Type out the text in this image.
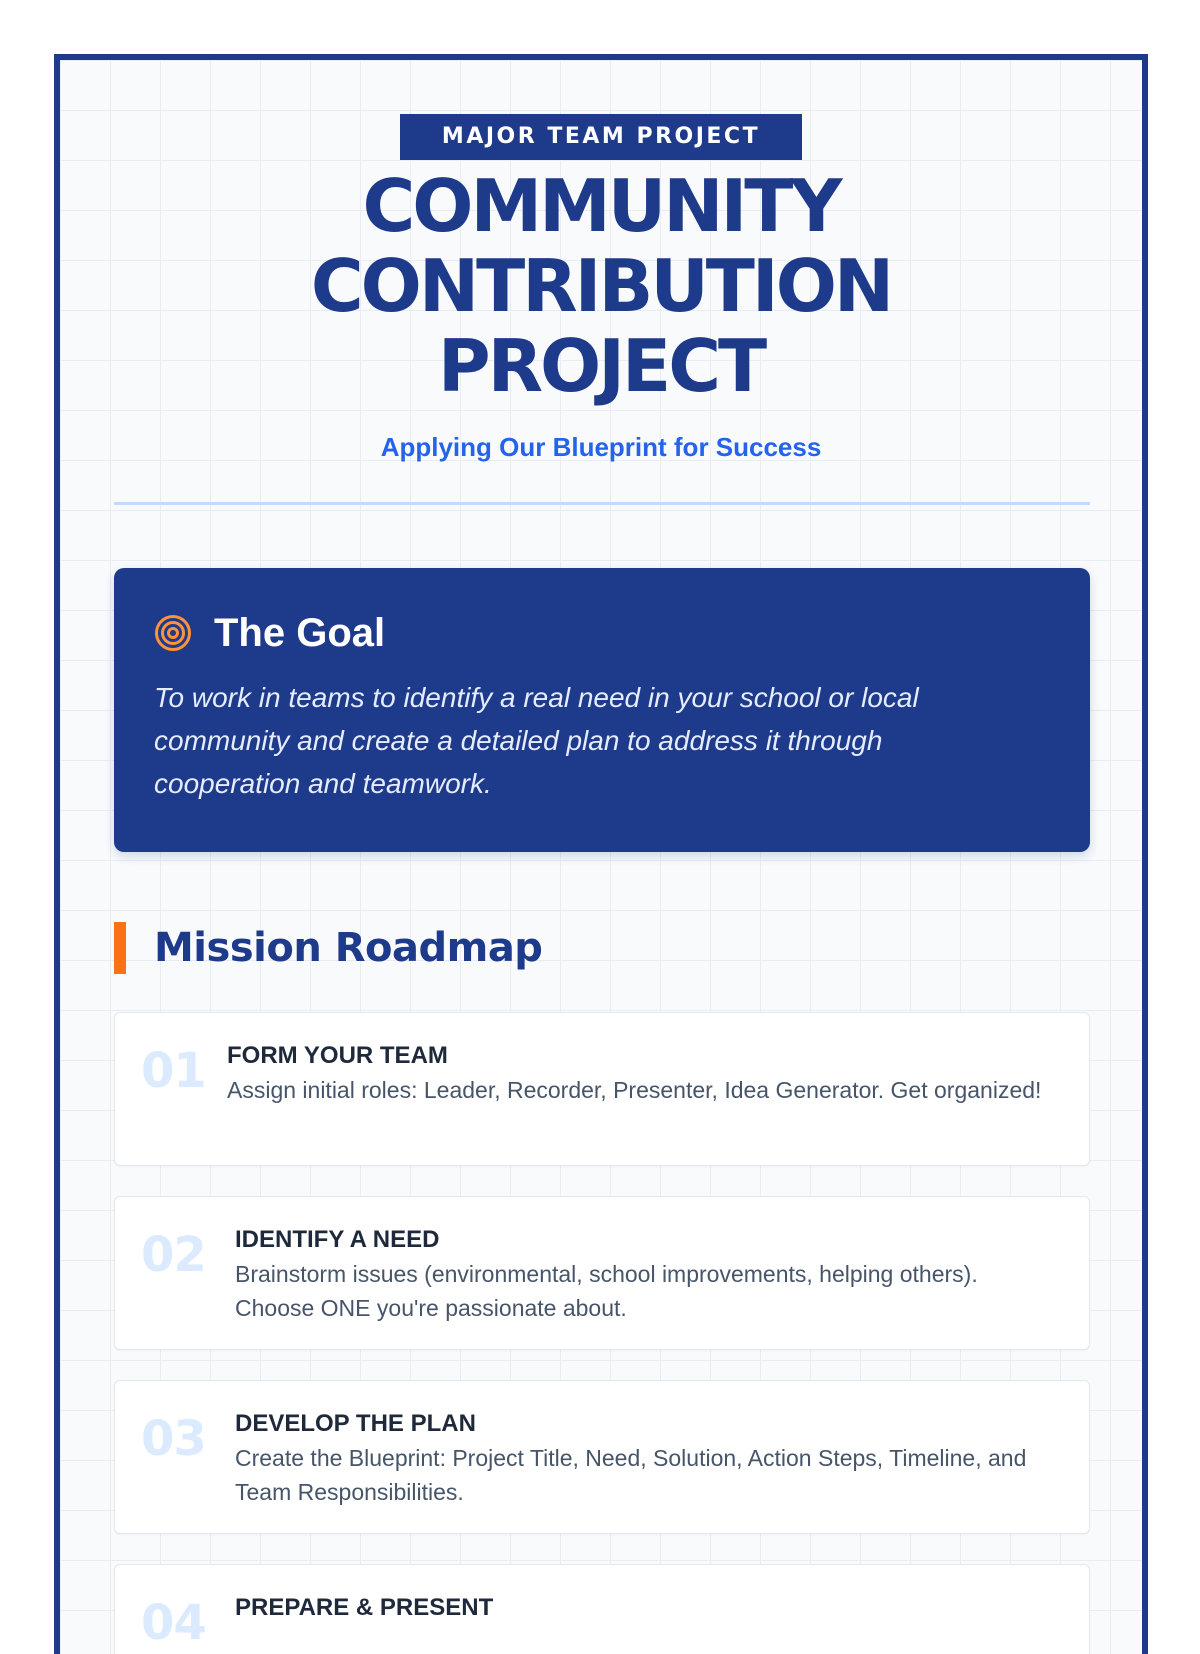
MAJOR TEAM PROJECT
COMMUNITY
CONTRIBUTION
PROJECT
Applying Our Blueprint for Success
The Goal
To work in teams to identify a real need in your school or local community and create a detailed plan to address it through cooperation and teamwork.
Mission Roadmap
01 FORM YOUR TEAM
Assign initial roles: Leader, Recorder, Presenter, Idea Generator. Get organized!
02 IDENTIFY A NEED
Brainstorm issues (environmental, school improvements, helping others). Choose ONE you're passionate about.
03 DEVELOP THE PLAN
Create the Blueprint: Project Title, Need, Solution, Action Steps, Timeline, and Team Responsibilities.
04 PREPARE & PRESENT
